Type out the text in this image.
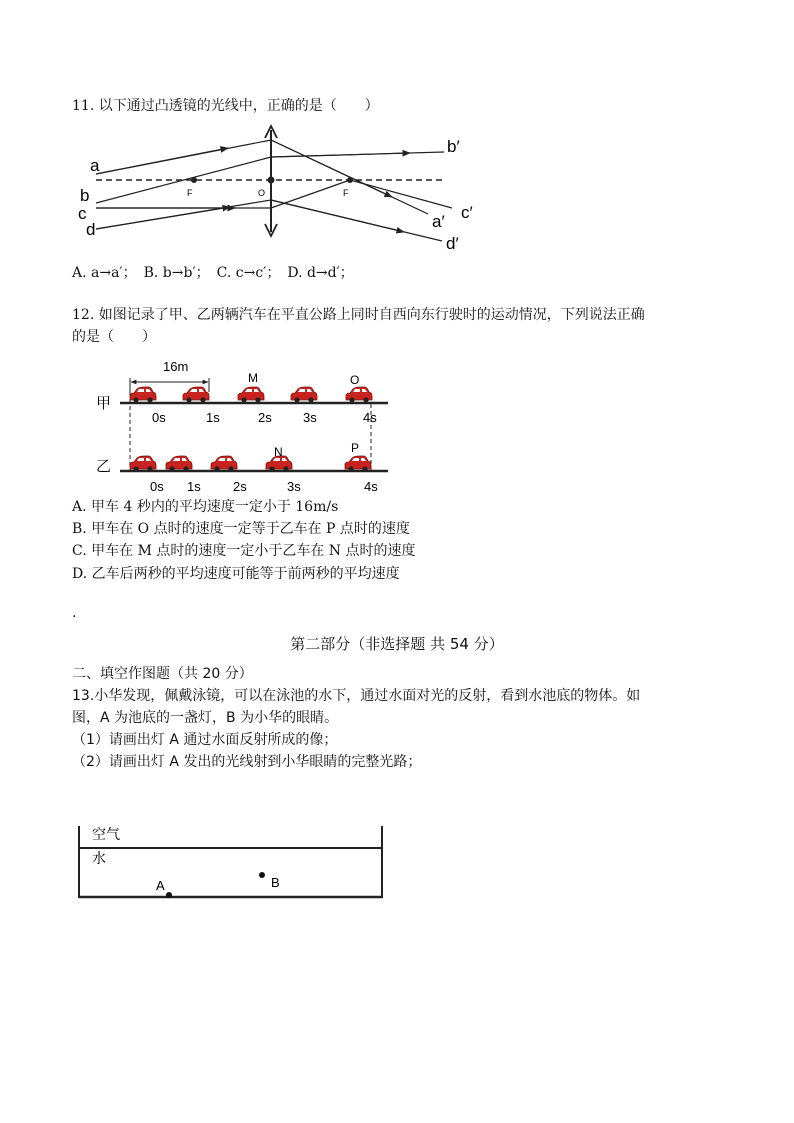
11. 以下通过凸透镜的光线中，正确的是（　　）
a
b
c
d
b′
c′
a′
d′
F	O	F
A. a→a′；　B. b→b′；　C. c→c′；　D. d→d′；
12. 如图记录了甲、乙两辆汽车在平直公路上同时自西向东行驶时的运动情况，下列说法正确
的是（　　）
16m
甲
M	O
0s	1s	2s 3s	4s
乙
N	P
0s 1s 2s	3s	4s
A. 甲车 4 秒内的平均速度一定小于 16m/s
B. 甲车在 O 点时的速度一定等于乙车在 P 点时的速度
C. 甲车在 M 点时的速度一定小于乙车在 N 点时的速度
D. 乙车后两秒的平均速度可能等于前两秒的平均速度
.
第二部分（非选择题 共 54 分）
二、填空作图题（共 20 分）
13.小华发现，佩戴泳镜，可以在泳池的水下，通过水面对光的反射，看到水池底的物体。如
图，A 为池底的一盏灯，B 为小华的眼睛。
（1）请画出灯 A 通过水面反射所成的像；
（2）请画出灯 A 发出的光线射到小华眼睛的完整光路；
空气
水
A	B
